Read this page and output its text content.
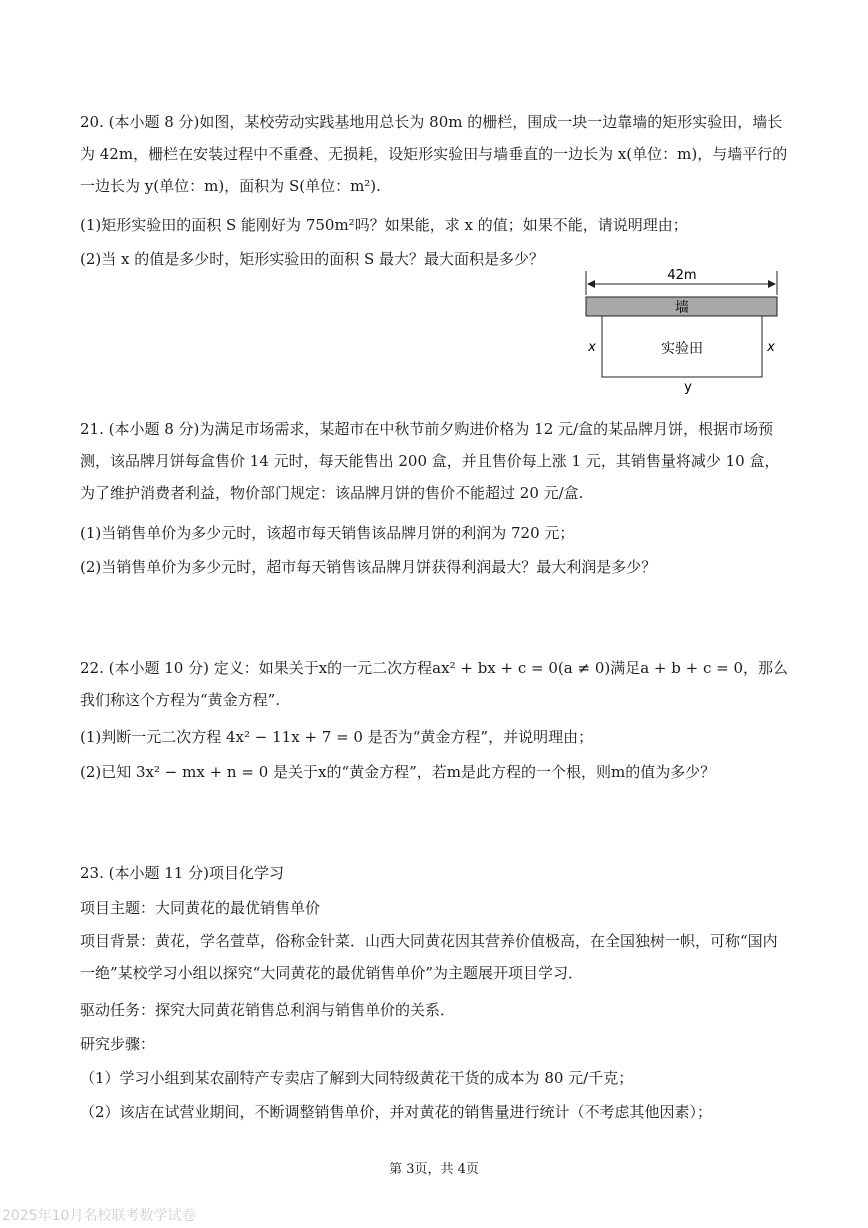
20. (本小题 8 分)如图，某校劳动实践基地用总长为 80m 的栅栏，围成一块一边靠墙的矩形实验田，墙长为 42m，栅栏在安装过程中不重叠、无损耗，设矩形实验田与墙垂直的一边长为 x(单位：m)，与墙平行的一边长为 y(单位：m)，面积为 S(单位：m²).

(1)矩形实验田的面积 S 能刚好为 750m²吗？如果能，求 x 的值；如果不能，请说明理由；
(2)当 x 的值是多少时，矩形实验田的面积 S 最大？最大面积是多少？
42m
墙
实验田
x	x
y

21. (本小题 8 分)为满足市场需求，某超市在中秋节前夕购进价格为 12 元/盒的某品牌月饼，根据市场预测，该品牌月饼每盒售价 14 元时，每天能售出 200 盒，并且售价每上涨 1 元，其销售量将减少 10 盒，为了维护消费者利益，物价部门规定：该品牌月饼的售价不能超过 20 元/盒.

(1)当销售单价为多少元时，该超市每天销售该品牌月饼的利润为 720 元；
(2)当销售单价为多少元时，超市每天销售该品牌月饼获得利润最大？最大利润是多少？

22. (本小题 10 分) 定义：如果关于x的一元二次方程ax² + bx + c = 0(a ≠ 0)满足a + b + c = 0，那么我们称这个方程为“黄金方程”.

(1)判断一元二次方程 4x² − 11x + 7 = 0 是否为“黄金方程”，并说明理由；
(2)已知 3x² − mx + n = 0 是关于x的“黄金方程”，若m是此方程的一个根，则m的值为多少？
23. (本小题 11 分)项目化学习
项目主题：大同黄花的最优销售单价

项目背景：黄花，学名萱草，俗称金针菜．山西大同黄花因其营养价值极高，在全国独树一帜，可称“国内一绝”某校学习小组以探究“大同黄花的最优销售单价”为主题展开项目学习．

驱动任务：探究大同黄花销售总利润与销售单价的关系．
研究步骤：
（1）学习小组到某农副特产专卖店了解到大同特级黄花干货的成本为 80 元/千克；
（2）该店在试营业期间，不断调整销售单价，并对黄花的销售量进行统计（不考虑其他因素）；
第 3页，共 4页
2025年10月名校联考数学试卷
